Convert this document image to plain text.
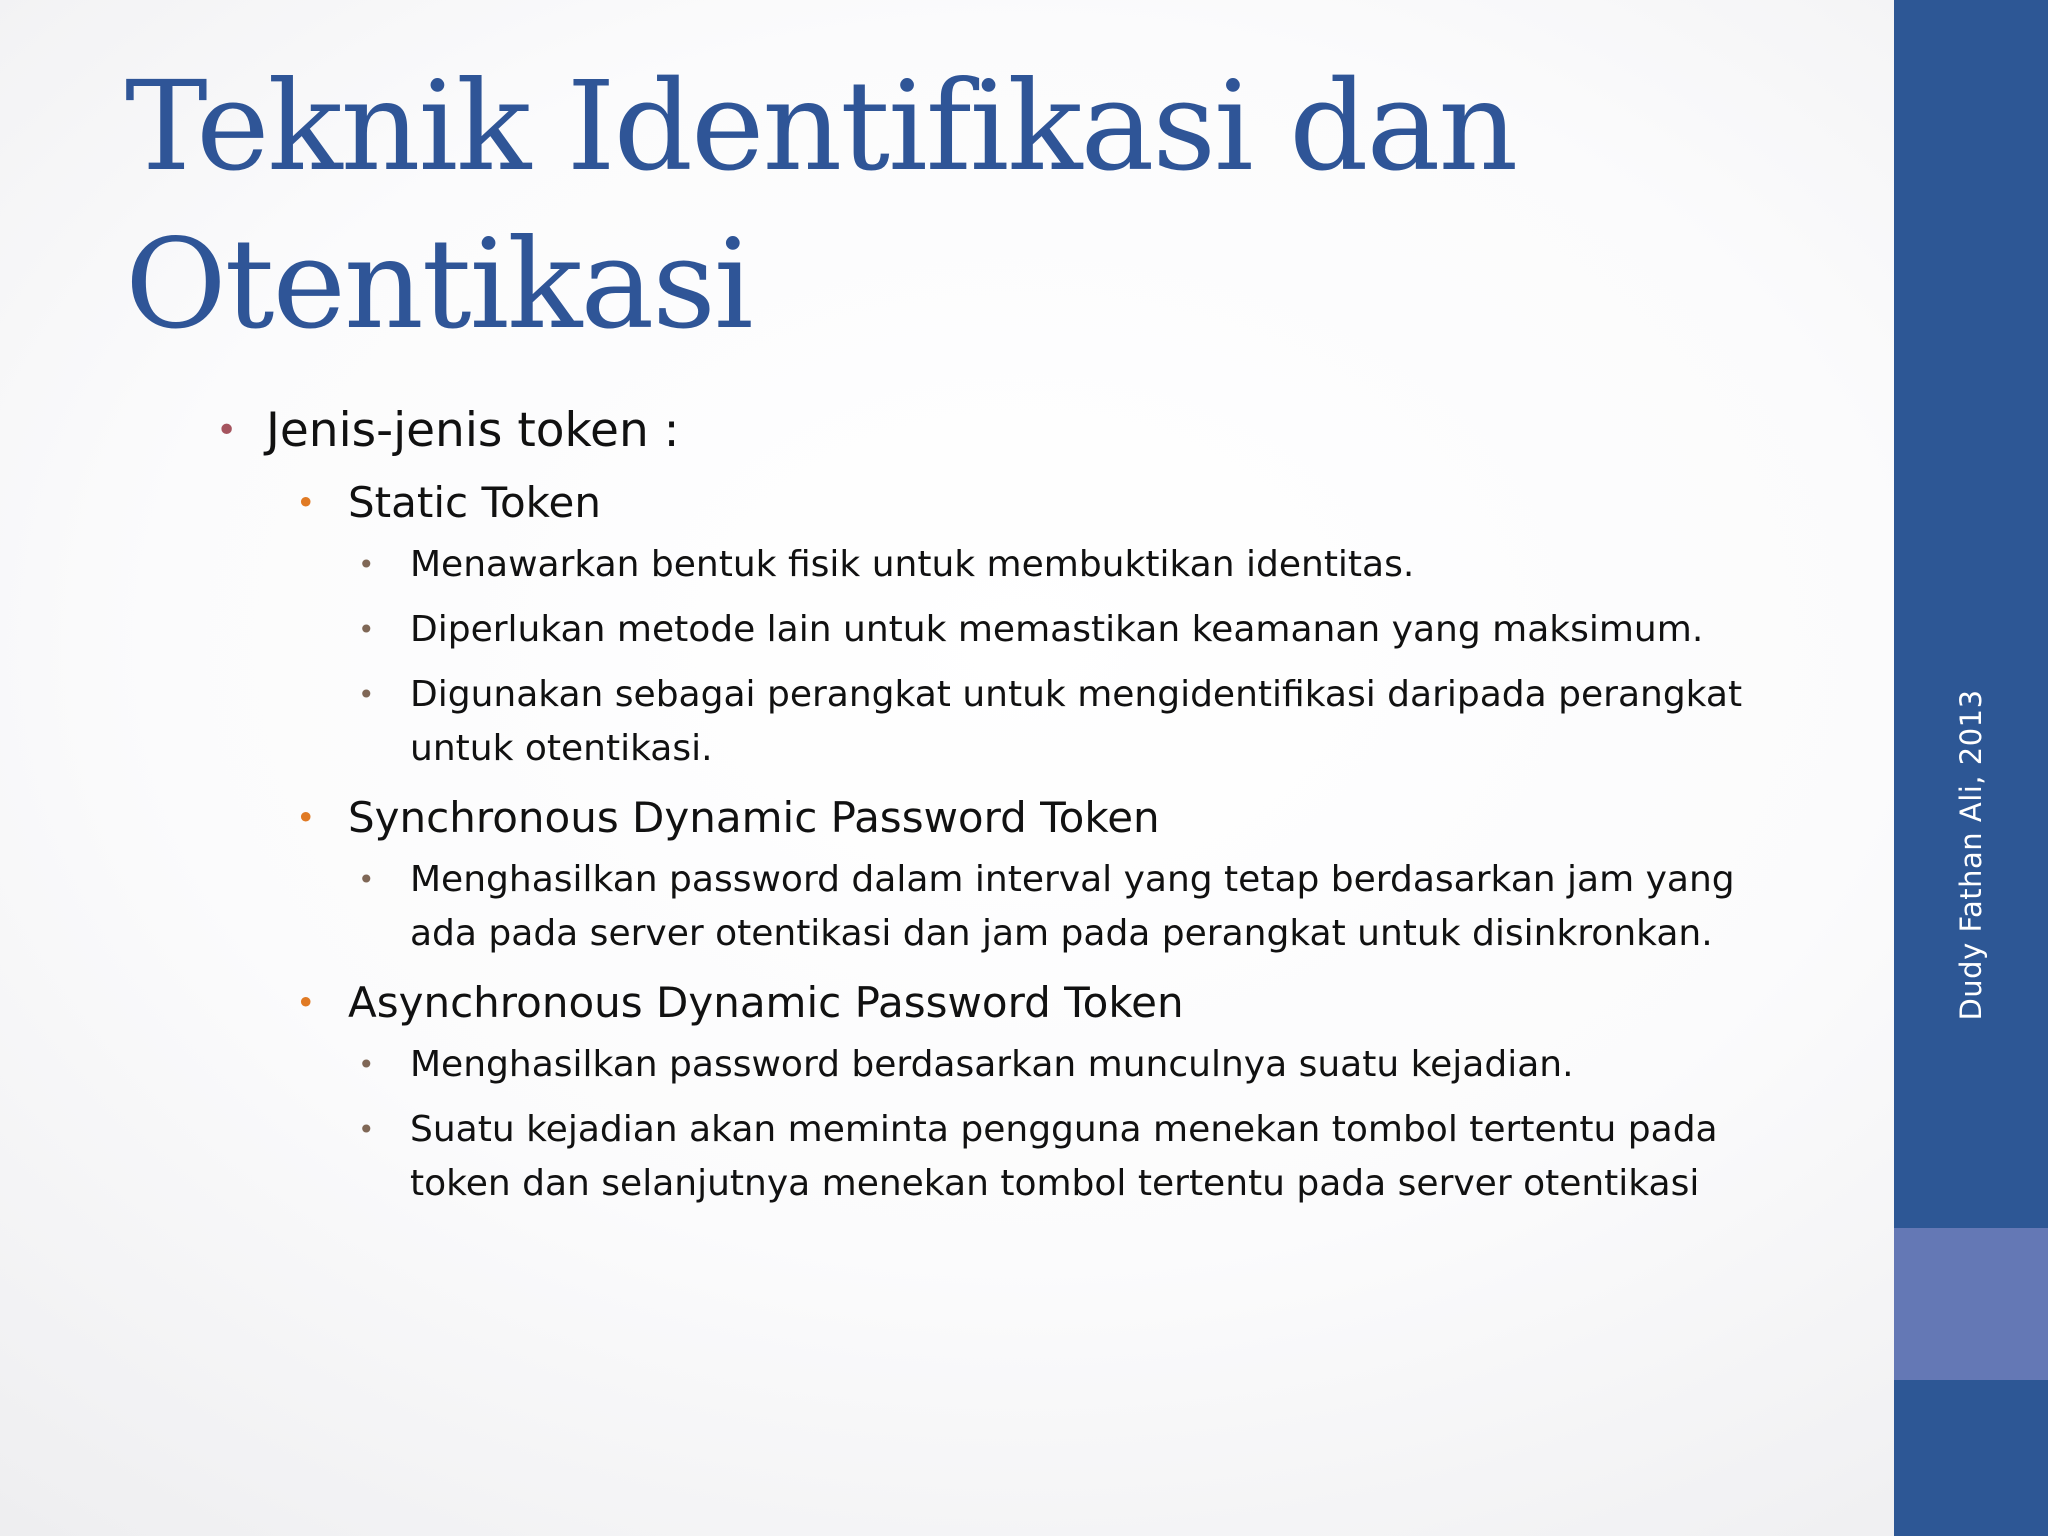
Teknik Identifikasi dan Otentikasi
• Jenis-jenis token :
• Static Token
• Menawarkan bentuk fisik untuk membuktikan identitas.
• Diperlukan metode lain untuk memastikan keamanan yang maksimum.
• Digunakan sebagai perangkat untuk mengidentifikasi daripada perangkat untuk otentikasi.
• Synchronous Dynamic Password Token
• Menghasilkan password dalam interval yang tetap berdasarkan jam yang ada pada server otentikasi dan jam pada perangkat untuk disinkronkan.
• Asynchronous Dynamic Password Token
• Menghasilkan password berdasarkan munculnya suatu kejadian.
• Suatu kejadian akan meminta pengguna menekan tombol tertentu pada token dan selanjutnya menekan tombol tertentu pada server otentikasi
Dudy Fathan Ali, 2013
